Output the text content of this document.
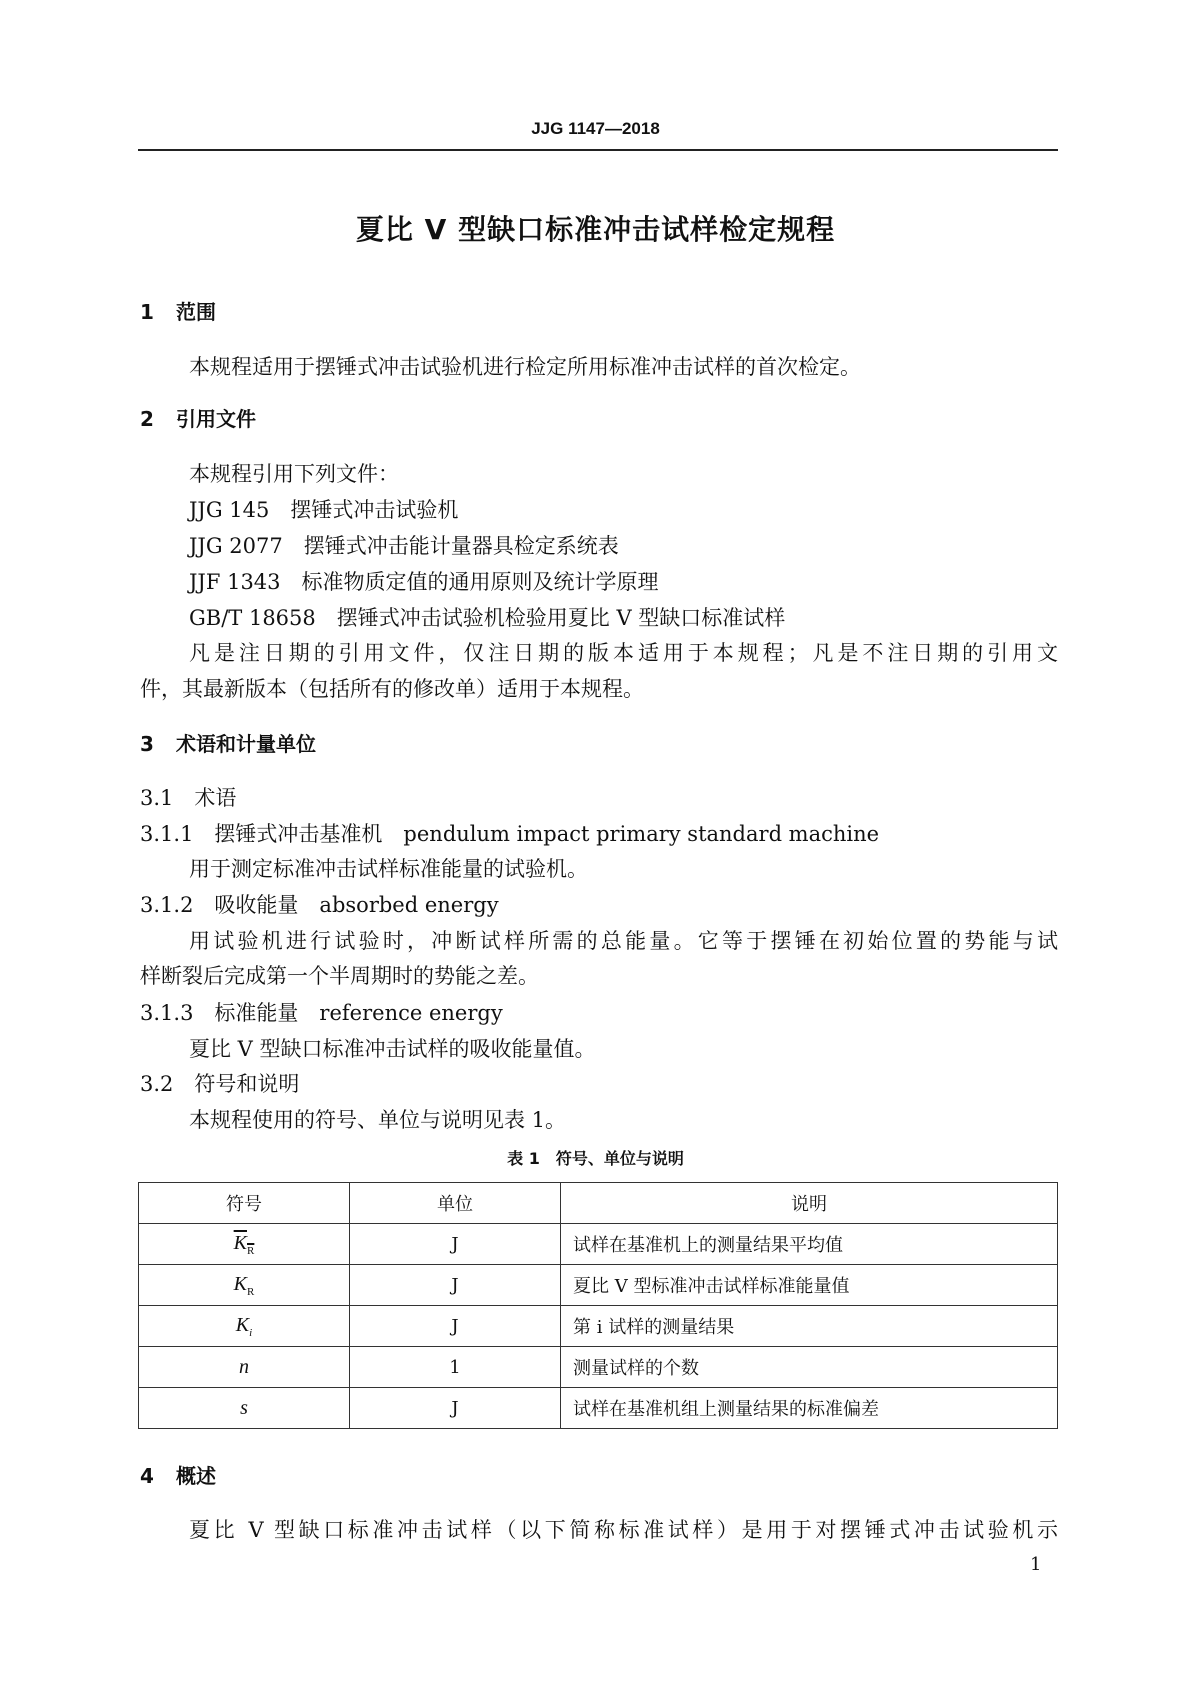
JJG 1147—2018
夏比 V 型缺口标准冲击试样检定规程
1 范围
本规程适用于摆锤式冲击试验机进行检定所用标准冲击试样的首次检定。
2 引用文件
本规程引用下列文件：
JJG 145　 摆锤式冲击试验机
JJG 2077　 摆锤式冲击能计量器具检定系统表
JJF 1343　 标准物质定值的通用原则及统计学原理
GB/T 18658　 摆锤式冲击试验机检验用夏比 V 型缺口标准试样
凡是注日期的引用文件，仅注日期的版本适用于本规程；凡是不注日期的引用文
件，其最新版本（包括所有的修改单）适用于本规程。
3 术语和计量单位
3.1　术语
3.1.1　摆锤式冲击基准机　pendulum impact primary standard machine
用于测定标准冲击试样标准能量的试验机。
3.1.2　吸收能量　absorbed energy
用试验机进行试验时，冲断试样所需的总能量。它等于摆锤在初始位置的势能与试
样断裂后完成第一个半周期时的势能之差。
3.1.3　标准能量　reference energy
夏比 V 型缺口标准冲击试样的吸收能量值。
3.2　符号和说明
本规程使用的符号、单位与说明见表 1。
表 1　符号、单位与说明
符号	单位	说明
$K_R$	J	试样在基准机上的测量结果平均值
$K_R$	J	夏比 V 型标准冲击试样标准能量值
$K_i$	J	第 i 试样的测量结果
n	1	测量试样的个数
s	J	试样在基准机组上测量结果的标准偏差
4 概述
夏比 V 型缺口标准冲击试样（以下简称标准试样）是用于对摆锤式冲击试验机示
1
